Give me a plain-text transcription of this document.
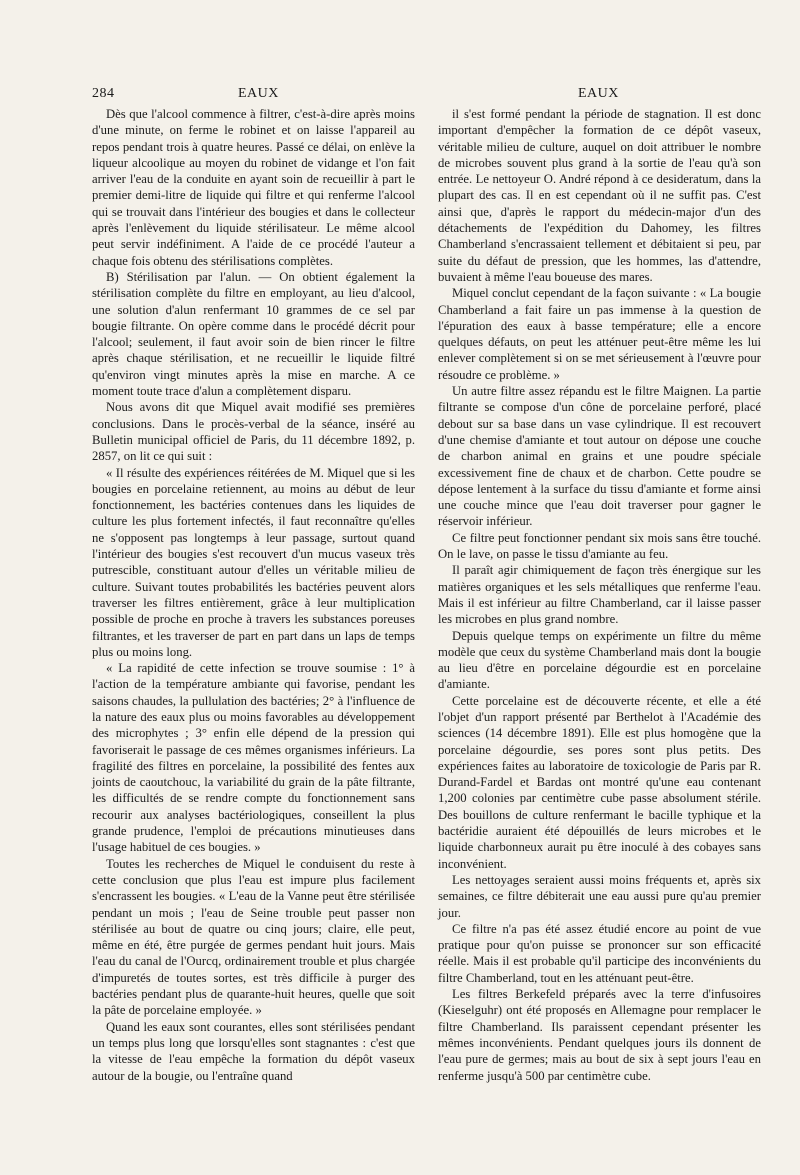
284	EAUX	EAUX

Dès que l'alcool commence à filtrer, c'est-à-dire après moins d'une minute, on ferme le robinet et on laisse l'appareil au repos pendant trois à quatre heures. Passé ce délai, on enlève la liqueur alcoolique au moyen du robinet de vidange et l'on fait arriver l'eau de la conduite en ayant soin de recueillir à part le premier demi-litre de liquide qui filtre et qui renferme l'alcool qui se trouvait dans l'intérieur des bougies et dans le collecteur après l'enlèvement du liquide stérilisateur. Le même alcool peut servir indéfiniment. A l'aide de ce procédé l'auteur a chaque fois obtenu des stérilisations complètes.

B) Stérilisation par l'alun. — On obtient également la stérilisation complète du filtre en employant, au lieu d'alcool, une solution d'alun renfermant 10 grammes de ce sel par bougie filtrante. On opère comme dans le procédé décrit pour l'alcool; seulement, il faut avoir soin de bien rincer le filtre après chaque stérilisation, et ne recueillir le liquide filtré qu'environ vingt minutes après la mise en marche. A ce moment toute trace d'alun a complètement disparu.

Nous avons dit que Miquel avait modifié ses premières conclusions. Dans le procès-verbal de la séance, inséré au Bulletin municipal officiel de Paris, du 11 décembre 1892, p. 2857, on lit ce qui suit :

« Il résulte des expériences réitérées de M. Miquel que si les bougies en porcelaine retiennent, au moins au début de leur fonctionnement, les bactéries contenues dans les liquides de culture les plus fortement infectés, il faut reconnaître qu'elles ne s'opposent pas longtemps à leur passage, surtout quand l'intérieur des bougies s'est recouvert d'un mucus vaseux très putrescible, constituant autour d'elles un véritable milieu de culture. Suivant toutes probabilités les bactéries peuvent alors traverser les filtres entièrement, grâce à leur multiplication possible de proche en proche à travers les substances poreuses filtrantes, et les traverser de part en part dans un laps de temps plus ou moins long.

« La rapidité de cette infection se trouve soumise : 1° à l'action de la température ambiante qui favorise, pendant les saisons chaudes, la pullulation des bactéries; 2° à l'influence de la nature des eaux plus ou moins favorables au développement des microphytes ; 3° enfin elle dépend de la pression qui favoriserait le passage de ces mêmes organismes inférieurs. La fragilité des filtres en porcelaine, la possibilité des fentes aux joints de caoutchouc, la variabilité du grain de la pâte filtrante, les difficultés de se rendre compte du fonctionnement sans recourir aux analyses bactériologiques, conseillent la plus grande prudence, l'emploi de précautions minutieuses dans l'usage habituel de ces bougies. »

Toutes les recherches de Miquel le conduisent du reste à cette conclusion que plus l'eau est impure plus facilement s'encrassent les bougies. « L'eau de la Vanne peut être stérilisée pendant un mois ; l'eau de Seine trouble peut passer non stérilisée au bout de quatre ou cinq jours; claire, elle peut, même en été, être purgée de germes pendant huit jours. Mais l'eau du canal de l'Ourcq, ordinairement trouble et plus chargée d'impuretés de toutes sortes, est très difficile à purger des bactéries pendant plus de quarante-huit heures, quelle que soit la pâte de porcelaine employée. »

Quand les eaux sont courantes, elles sont stérilisées pendant un temps plus long que lorsqu'elles sont stagnantes : c'est que la vitesse de l'eau empêche la formation du dépôt vaseux autour de la bougie, ou l'entraîne quand

il s'est formé pendant la période de stagnation. Il est donc important d'empêcher la formation de ce dépôt vaseux, véritable milieu de culture, auquel on doit attribuer le nombre de microbes souvent plus grand à la sortie de l'eau qu'à son entrée. Le nettoyeur O. André répond à ce desideratum, dans la plupart des cas. Il en est cependant où il ne suffit pas. C'est ainsi que, d'après le rapport du médecin-major d'un des détachements de l'expédition du Dahomey, les filtres Chamberland s'encrassaient tellement et débitaient si peu, par suite du défaut de pression, que les hommes, las d'attendre, buvaient à même l'eau boueuse des mares.

Miquel conclut cependant de la façon suivante : « La bougie Chamberland a fait faire un pas immense à la question de l'épuration des eaux à basse température; elle a encore quelques défauts, on peut les atténuer peut-être même les lui enlever complètement si on se met sérieusement à l'œuvre pour résoudre ce problème. »

Un autre filtre assez répandu est le filtre Maignen. La partie filtrante se compose d'un cône de porcelaine perforé, placé debout sur sa base dans un vase cylindrique. Il est recouvert d'une chemise d'amiante et tout autour on dépose une couche de charbon animal en grains et une poudre spéciale excessivement fine de chaux et de charbon. Cette poudre se dépose lentement à la surface du tissu d'amiante et forme ainsi une couche mince que l'eau doit traverser pour gagner le réservoir inférieur.

Ce filtre peut fonctionner pendant six mois sans être touché. On le lave, on passe le tissu d'amiante au feu.

Il paraît agir chimiquement de façon très énergique sur les matières organiques et les sels métalliques que renferme l'eau. Mais il est inférieur au filtre Chamberland, car il laisse passer les microbes en plus grand nombre.

Depuis quelque temps on expérimente un filtre du même modèle que ceux du système Chamberland mais dont la bougie au lieu d'être en porcelaine dégourdie est en porcelaine d'amiante.

Cette porcelaine est de découverte récente, et elle a été l'objet d'un rapport présenté par Berthelot à l'Académie des sciences (14 décembre 1891). Elle est plus homogène que la porcelaine dégourdie, ses pores sont plus petits. Des expériences faites au laboratoire de toxicologie de Paris par R. Durand-Fardel et Bardas ont montré qu'une eau contenant 1,200 colonies par centimètre cube passe absolument stérile. Des bouillons de culture renfermant le bacille typhique et la bactéridie auraient été dépouillés de leurs microbes et le liquide charbonneux aurait pu être inoculé à des cobayes sans inconvénient.

Les nettoyages seraient aussi moins fréquents et, après six semaines, ce filtre débiterait une eau aussi pure qu'au premier jour.

Ce filtre n'a pas été assez étudié encore au point de vue pratique pour qu'on puisse se prononcer sur son efficacité réelle. Mais il est probable qu'il participe des inconvénients du filtre Chamberland, tout en les atténuant peut-être.

Les filtres Berkefeld préparés avec la terre d'infusoires (Kieselguhr) ont été proposés en Allemagne pour remplacer le filtre Chamberland. Ils paraissent cependant présenter les mêmes inconvénients. Pendant quelques jours ils donnent de l'eau pure de germes; mais au bout de six à sept jours l'eau en renferme jusqu'à 500 par centimètre cube.
